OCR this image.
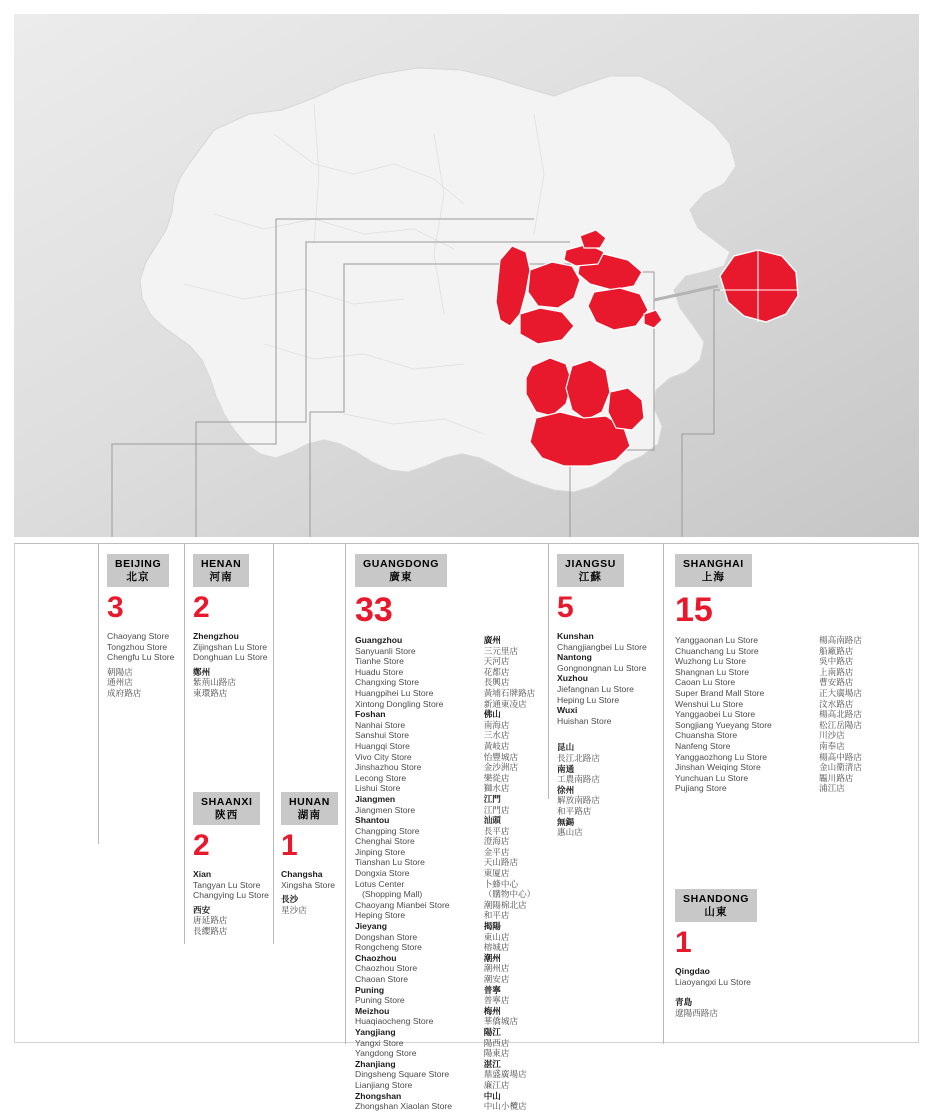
BEIJING
北京
3
Chaoyang Store
Tongzhou Store
Chengfu Lu Store
朝陽店
通州店
成府路店
HENAN
河南
2
Zhengzhou
Zijingshan Lu Store
Donghuan Lu Store
鄭州
紫荊山路店
東環路店
SHAANXI
陝西
2
Xian
Tangyan Lu Store
Changying Lu Store
西安
唐延路店
長纓路店
HUNAN
湖南
1
Changsha
Xingsha Store
長沙
星沙店
GUANGDONG
廣東
33
Guangzhou
Sanyuanli Store
Tianhe Store
Huadu Store
Changxing Store
Huangpihei Lu Store
Xintong Dongling Store
Foshan
Nanhai Store
Sanshui Store
Huangqi Store
Vivo City Store
Jinshazhou Store
Lecong Store
Lishui Store
Jiangmen
Jiangmen Store
Shantou
Changping Store
Chenghai Store
Jinping Store
Tianshan Lu Store
Dongxia Store
Lotus Center
(Shopping Mall)
Chaoyang Mianbei Store
Heping Store
Jieyang
Dongshan Store
Rongcheng Store
Chaozhou
Chaozhou Store
Chaoan Store
Puning
Puning Store
Meizhou
Huaqiaocheng Store
Yangjiang
Yangxi Store
Yangdong Store
Zhanjiang
Dingsheng Square Store
Lianjiang Store
Zhongshan
Zhongshan Xiaolan Store
廣州
三元里店
天河店
花都店
長興店
黃埔石牌路店
新通東凌店
佛山
南海店
三水店
黃岐店
怡豐城店
金沙洲店
樂從店
獅水店
江門
江門店
汕頭
長平店
澄海店
金平店
天山路店
東厦店
卜蜂中心
（購物中心）
潮陽棉北店
和平店
揭陽
東山店
榕城店
潮州
潮州店
潮安店
普寧
普寧店
梅州
華僑城店
陽江
陽西店
陽東店
湛江
鼎盛廣場店
廉江店
中山
中山小欖店
JIANGSU
江蘇
5
Kunshan
Changjiangbei Lu Store
Nantong
Gongnongnan Lu Store
Xuzhou
Jiefangnan Lu Store
Heping Lu Store
Wuxi
Huishan Store
昆山
長江北路店
南通
工農南路店
徐州
解放南路店
和平路店
無錫
惠山店
SHANGHAI
上海
15
Yanggaonan Lu Store
Chuanchang Lu Store
Wuzhong Lu Store
Shangnan Lu Store
Caoan Lu Store
Super Brand Mall Store
Wenshui Lu Store
Yanggaobei Lu Store
Songjiang Yueyang Store
Chuansha Store
Nanfeng Store
Yanggaozhong Lu Store
Jinshan Weiqing Store
Yunchuan Lu Store
Pujiang Store
楊高南路店
船廠路店
吳中路店
上南路店
曹安路店
正大廣場店
汶水路店
楊高北路店
松江岳陽店
川沙店
南奉店
楊高中路店
金山衛清店
韞川路店
浦江店
SHANDONG
山東
1
Qingdao
Liaoyangxi Lu Store
青島
遼陽西路店
